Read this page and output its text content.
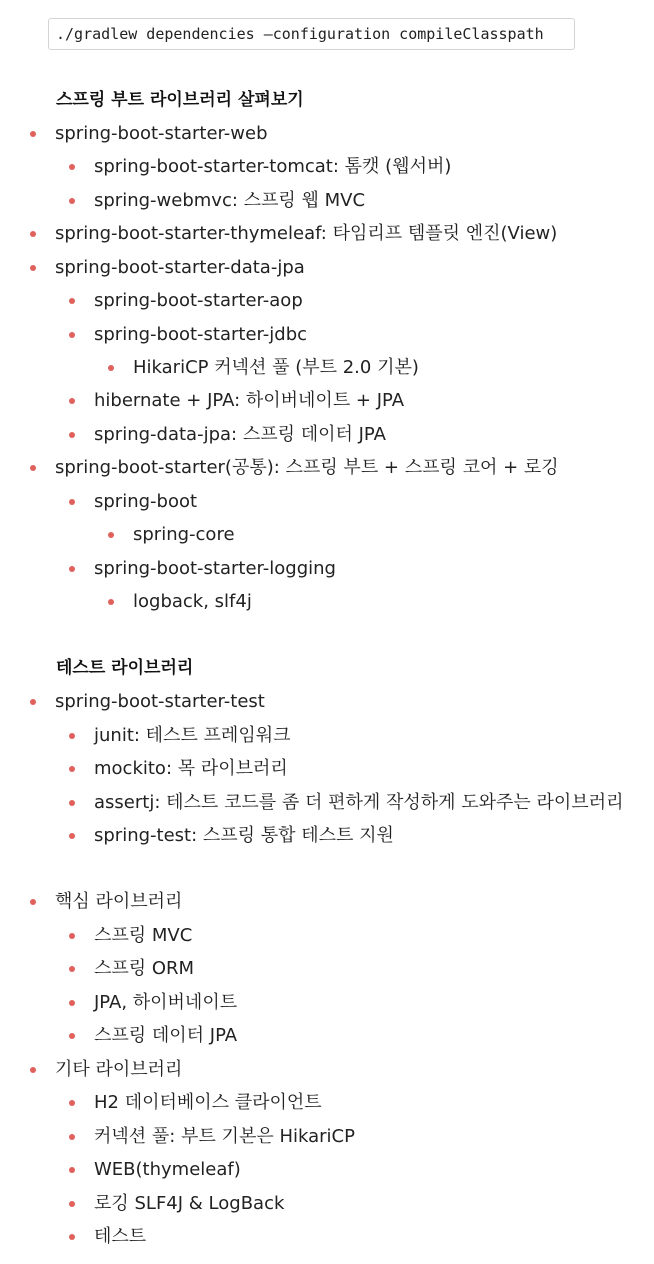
./gradlew dependencies —configuration compileClasspath
스프링 부트 라이브러리 살펴보기
spring-boot-starter-web
spring-boot-starter-tomcat: 톰캣 (웹서버)
spring-webmvc: 스프링 웹 MVC
spring-boot-starter-thymeleaf: 타임리프 템플릿 엔진(View)
spring-boot-starter-data-jpa
spring-boot-starter-aop
spring-boot-starter-jdbc
HikariCP 커넥션 풀 (부트 2.0 기본)
hibernate + JPA: 하이버네이트 + JPA
spring-data-jpa: 스프링 데이터 JPA
spring-boot-starter(공통): 스프링 부트 + 스프링 코어 + 로깅
spring-boot
spring-core
spring-boot-starter-logging
logback, slf4j
테스트 라이브러리
spring-boot-starter-test
junit: 테스트 프레임워크
mockito: 목 라이브러리
assertj: 테스트 코드를 좀 더 편하게 작성하게 도와주는 라이브러리
spring-test: 스프링 통합 테스트 지원
핵심 라이브러리
스프링 MVC
스프링 ORM
JPA, 하이버네이트
스프링 데이터 JPA
기타 라이브러리
H2 데이터베이스 클라이언트
커넥션 풀: 부트 기본은 HikariCP
WEB(thymeleaf)
로깅 SLF4J & LogBack
테스트
